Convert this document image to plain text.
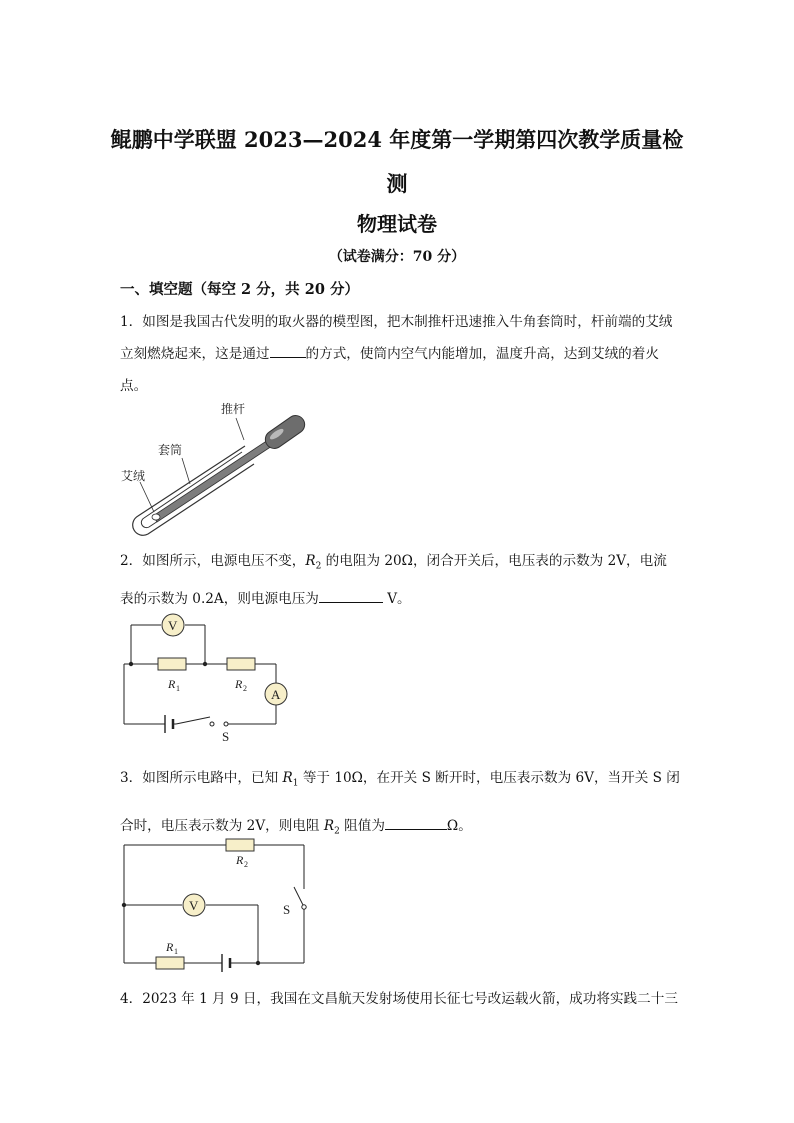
鲲鹏中学联盟 2023—2024 年度第一学期第四次教学质量检
测
物理试卷
（试卷满分：70 分）
一、填空题（每空 2 分，共 20 分）
1．如图是我国古代发明的取火器的模型图，把木制推杆迅速推入牛角套筒时，杆前端的艾绒立刻燃烧起来，这是通过	的方式，使筒内空气内能增加，温度升高，达到艾绒的着火点。
推杆
套筒
艾绒
2．如图所示，电源电压不变，$R_2$ 的电阻为 20Ω，闭合开关后，电压表的示数为 2V，电流表的示数为 0.2A，则电源电压为	V。
V
A
R 1	R 2
S
3．如图所示电路中，已知 $R_1$ 等于 10Ω，在开关 S 断开时，电压表示数为 6V，当开关 S 闭合时，电压表示数为 2V，则电阻 $R_2$ 阻值为	Ω。
V
R 2
R 1
S
4．2023 年 1 月 9 日，我国在文昌航天发射场使用长征七号改运载火箭，成功将实践二十三
